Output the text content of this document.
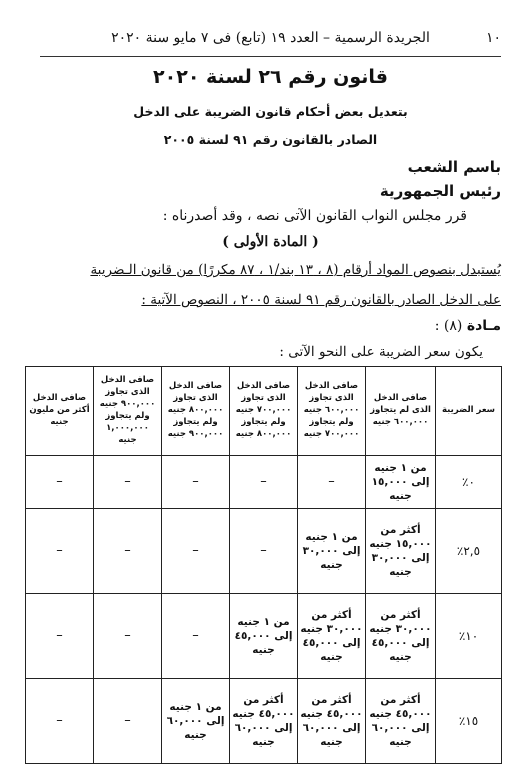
١٠
الجريدة الرسمية – العدد ١٩ (تابع) فى ٧ مايو سنة ٢٠٢٠
قانون رقم ٢٦ لسنة ٢٠٢٠
بتعديل بعض أحكام قانون الضريبة على الدخل
الصادر بالقانون رقم ٩١ لسنة ٢٠٠٥
باسم الشعب
رئيس الجمهورية
قرر مجلس النواب القانون الآتى نصه ، وقد أصدرناه :
( المادة الأولى )
يُستبدل بنصوص المواد أرقام (٨ ، ١٣ بند/١ ، ٨٧ مكررًا) من قانون الـضريبة
على الدخل الصادر بالقانون رقم ٩١ لسنة ٢٠٠٥ ، النصوص الآتية :
مـادة (٨) :
يكون سعر الضريبة على النحو الآتى :
سعر الضريبة	صافى الدخل الذى لم يتجاوز ٦٠٠,٠٠٠ جنيه	صافى الدخل الذى تجاوز ٦٠٠,٠٠٠ جنيه ولم يتجاوز ٧٠٠,٠٠٠ جنيه	صافى الدخل الذى تجاوز ٧٠٠,٠٠٠ جنيه ولم يتجاوز ٨٠٠,٠٠٠ جنيه	صافى الدخل الذى تجاوز ٨٠٠,٠٠٠ جنيه ولم يتجاوز ٩٠٠,٠٠٠ جنيه	صافى الدخل الذى تجاوز ٩٠٠,٠٠٠ جنيه ولم يتجاوز ١,٠٠٠,٠٠٠ جنيه	صافى الدخل أكثر من مليون جنيه
٠٪	من ١ جنيه إلى ١٥,٠٠٠ جنيه	–	–	–	–	–
٢,٥٪	أكثر من ١٥,٠٠٠ جنيه إلى ٣٠,٠٠٠ جنيه	من ١ جنيه إلى ٣٠,٠٠٠ جنيه	–	–	–	–
١٠٪	أكثر من ٣٠,٠٠٠ جنيه إلى ٤٥,٠٠٠ جنيه	أكثر من ٣٠,٠٠٠ جنيه إلى ٤٥,٠٠٠ جنيه	من ١ جنيه إلى ٤٥,٠٠٠ جنيه	–	–	–
١٥٪	أكثر من ٤٥,٠٠٠ جنيه إلى ٦٠,٠٠٠ جنيه	أكثر من ٤٥,٠٠٠ جنيه إلى ٦٠,٠٠٠ جنيه	أكثر من ٤٥,٠٠٠ جنيه إلى ٦٠,٠٠٠ جنيه	من ١ جنيه إلى ٦٠,٠٠٠ جنيه	–	–
